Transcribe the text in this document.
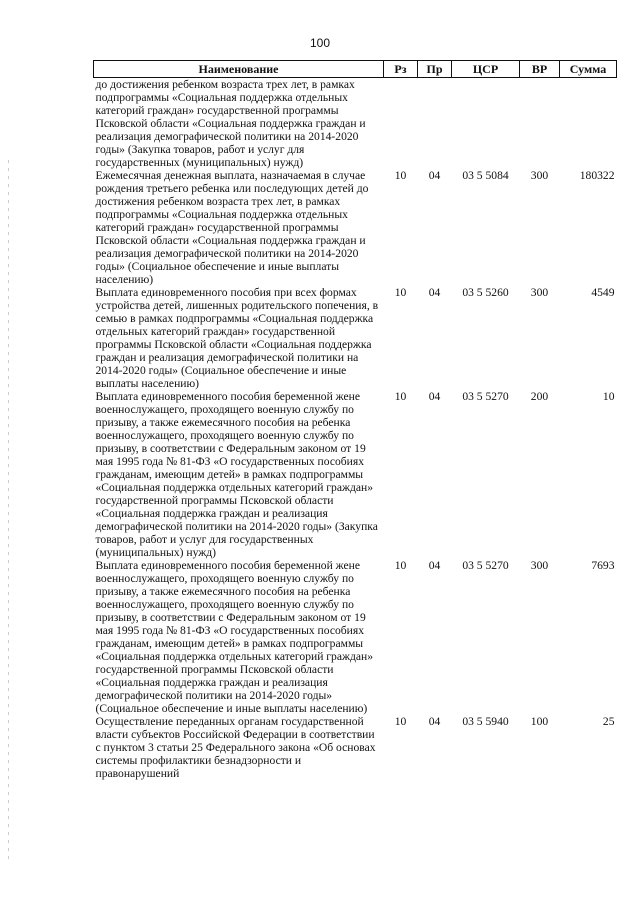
100
Наименование	Рз	Пр	ЦСР	ВР	Сумма
до достижения ребенком возраста трех лет, в рамках подпрограммы «Социальная поддержка отдельных категорий граждан» государственной программы Псковской области «Социальная поддержка граждан и реализация демографической политики на 2014-2020 годы» (Закупка товаров, работ и услуг для государственных (муниципальных) нужд)					
Ежемесячная денежная выплата, назначаемая в случае рождения третьего ребенка или последующих детей до достижения ребенком возраста трех лет, в рамках подпрограммы «Социальная поддержка отдельных категорий граждан» государственной программы Псковской области «Социальная поддержка граждан и реализация демографической политики на 2014-2020 годы» (Социальное обеспечение и иные выплаты населению)	10	04	03 5 5084	300	180322
Выплата единовременного пособия при всех формах устройства детей, лишенных родительского попечения, в семью в рамках подпрограммы «Социальная поддержка отдельных категорий граждан» государственной программы Псковской области «Социальная поддержка граждан и реализация демографической политики на 2014-2020 годы» (Социальное обеспечение и иные выплаты населению)	10	04	03 5 5260	300	4549
Выплата единовременного пособия беременной жене военнослужащего, проходящего военную службу по призыву, а также ежемесячного пособия на ребенка военнослужащего, проходящего военную службу по призыву, в соответствии с Федеральным законом от 19 мая 1995 года № 81-ФЗ «О государственных пособиях гражданам, имеющим детей» в рамках подпрограммы «Социальная поддержка отдельных категорий граждан» государственной программы Псковской области «Социальная поддержка граждан и реализация демографической политики на 2014-2020 годы» (Закупка товаров, работ и услуг для государственных (муниципальных) нужд)	10	04	03 5 5270	200	10
Выплата единовременного пособия беременной жене военнослужащего, проходящего военную службу по призыву, а также ежемесячного пособия на ребенка военнослужащего, проходящего военную службу по призыву, в соответствии с Федеральным законом от 19 мая 1995 года № 81-ФЗ «О государственных пособиях гражданам, имеющим детей» в рамках подпрограммы «Социальная поддержка отдельных категорий граждан» государственной программы Псковской области «Социальная поддержка граждан и реализация демографической политики на 2014-2020 годы» (Социальное обеспечение и иные выплаты населению)	10	04	03 5 5270	300	7693
Осуществление переданных органам государственной власти субъектов Российской Федерации в соответствии с пунктом 3 статьи 25 Федерального закона «Об основах системы профилактики безнадзорности и правонарушений	10	04	03 5 5940	100	25
